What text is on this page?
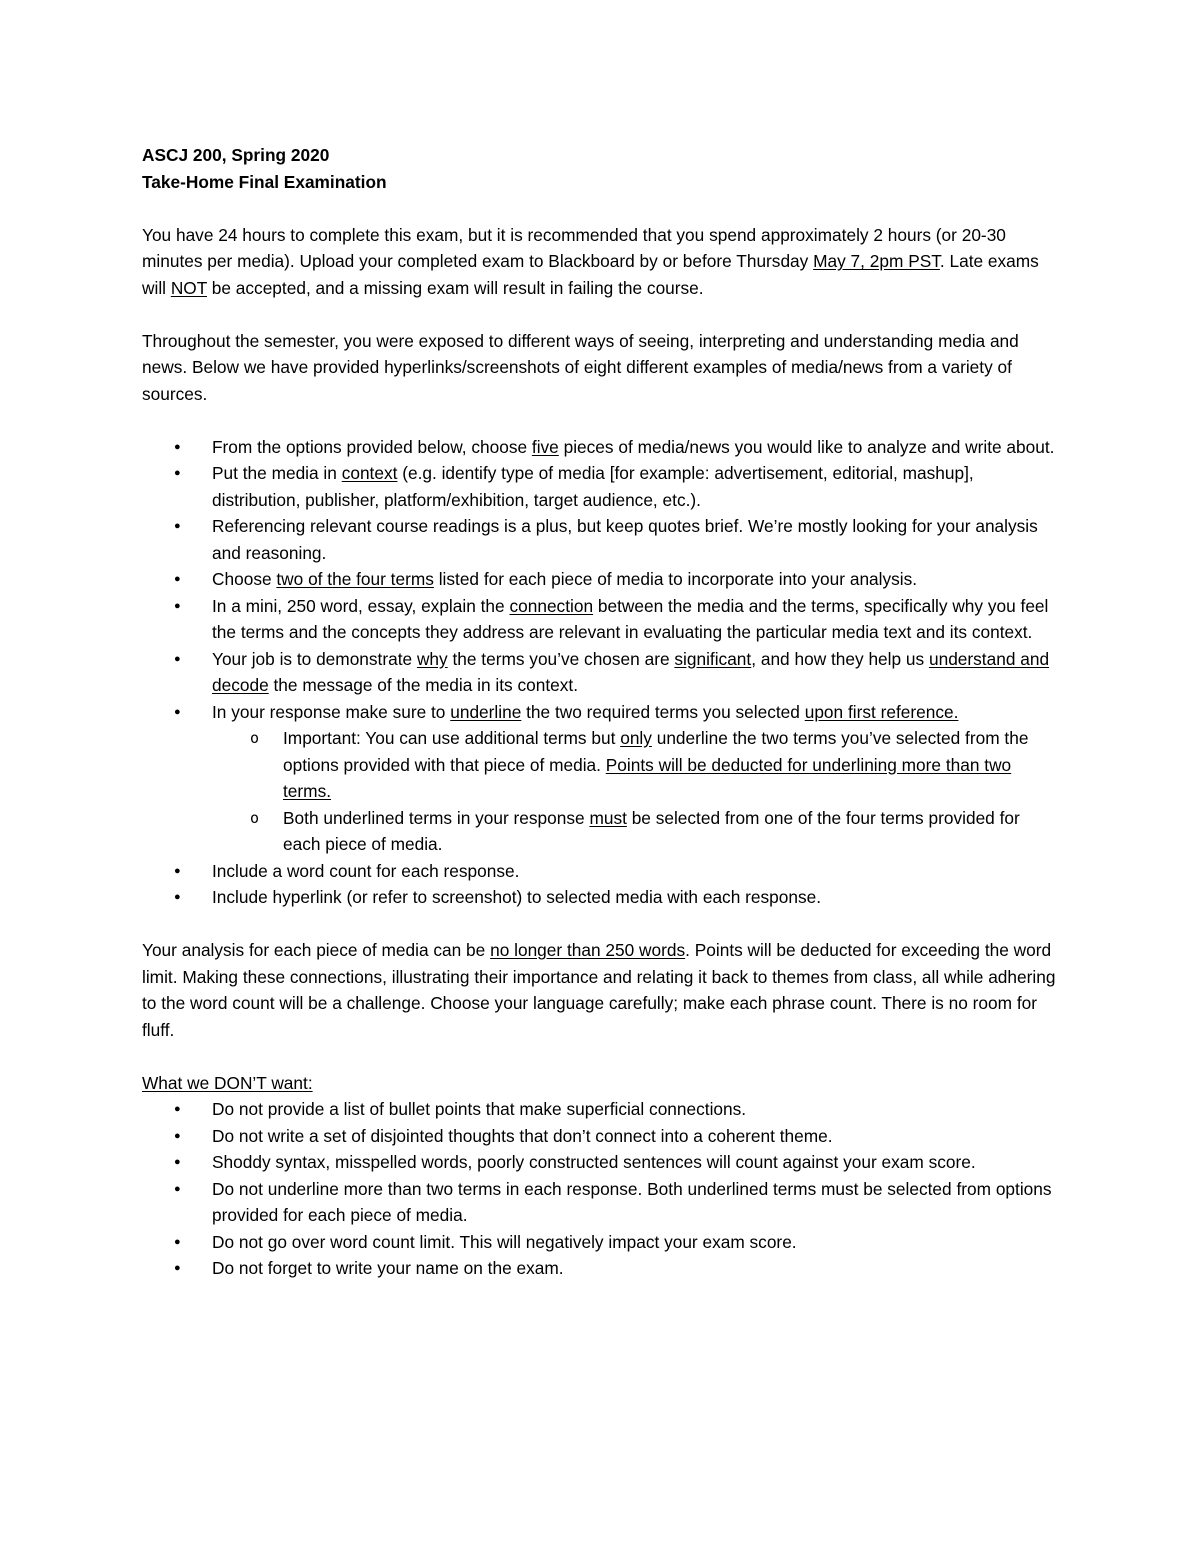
ASCJ 200, Spring 2020

Take-Home Final Examination

You have 24 hours to complete this exam, but it is recommended that you spend approximately 2 hours (or 20-30 minutes per media). Upload your completed exam to Blackboard by or before Thursday May 7, 2pm PST. Late exams will NOT be accepted, and a missing exam will result in failing the course.

Throughout the semester, you were exposed to different ways of seeing, interpreting and understanding media and news. Below we have provided hyperlinks/screenshots of eight different examples of media/news from a variety of sources.

● From the options provided below, choose five pieces of media/news you would like to analyze and write about.
● Put the media in context (e.g. identify type of media [for example: advertisement, editorial, mashup], distribution, publisher, platform/exhibition, target audience, etc.).
● Referencing relevant course readings is a plus, but keep quotes brief. We’re mostly looking for your analysis and reasoning.
● Choose two of the four terms listed for each piece of media to incorporate into your analysis.
● In a mini, 250 word, essay, explain the connection between the media and the terms, specifically why you feel the terms and the concepts they address are relevant in evaluating the particular media text and its context.
● Your job is to demonstrate why the terms you’ve chosen are significant, and how they help us understand and decode the message of the media in its context.
● In your response make sure to underline the two required terms you selected upon first reference.
o Important: You can use additional terms but only underline the two terms you’ve selected from the options provided with that piece of media. Points will be deducted for underlining more than two terms.
o Both underlined terms in your response must be selected from one of the four terms provided for each piece of media.
● Include a word count for each response.
● Include hyperlink (or refer to screenshot) to selected media with each response.

Your analysis for each piece of media can be no longer than 250 words. Points will be deducted for exceeding the word limit. Making these connections, illustrating their importance and relating it back to themes from class, all while adhering to the word count will be a challenge. Choose your language carefully; make each phrase count. There is no room for fluff.

What we DON’T want:

● Do not provide a list of bullet points that make superficial connections.
● Do not write a set of disjointed thoughts that don’t connect into a coherent theme.
● Shoddy syntax, misspelled words, poorly constructed sentences will count against your exam score.
● Do not underline more than two terms in each response. Both underlined terms must be selected from options provided for each piece of media.
● Do not go over word count limit. This will negatively impact your exam score.
● Do not forget to write your name on the exam.
